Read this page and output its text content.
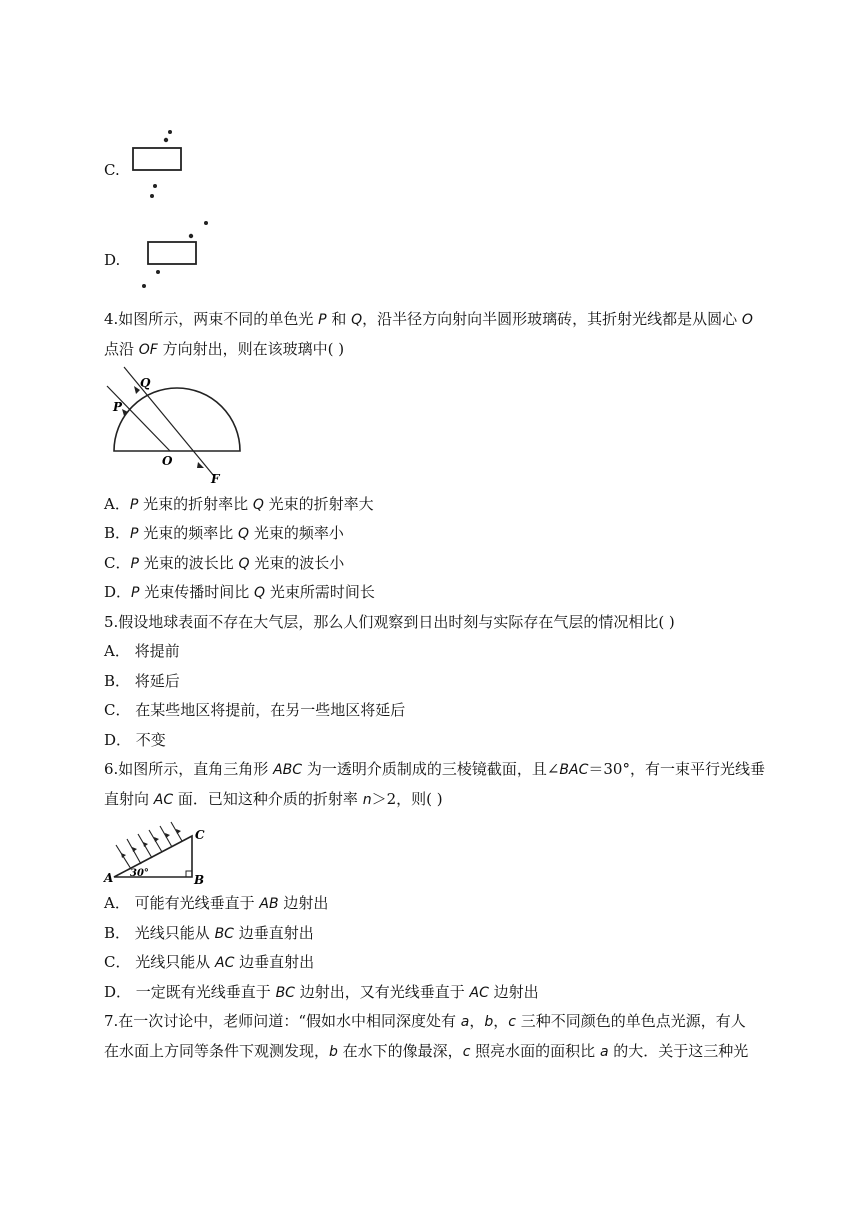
C.
D.
4.如图所示，两束不同的单色光 P 和 Q，沿半径方向射向半圆形玻璃砖，其折射光线都是从圆心 O
点沿 OF 方向射出，则在该玻璃中( )
Q
P
O
F
A．P 光束的折射率比 Q 光束的折射率大
B．P 光束的频率比 Q 光束的频率小
C．P 光束的波长比 Q 光束的波长小
D．P 光束传播时间比 Q 光束所需时间长
5.假设地球表面不存在大气层，那么人们观察到日出时刻与实际存在气层的情况相比( )
A． 将提前
B． 将延后
C． 在某些地区将提前，在另一些地区将延后
D． 不变
6.如图所示，直角三角形 ABC 为一透明介质制成的三棱镜截面，且∠BAC＝30°，有一束平行光线垂
直射向 AC 面．已知这种介质的折射率 n＞2，则( )
A	B
C
30°
A． 可能有光线垂直于 AB 边射出
B． 光线只能从 BC 边垂直射出
C． 光线只能从 AC 边垂直射出
D． 一定既有光线垂直于 BC 边射出，又有光线垂直于 AC 边射出
7.在一次讨论中，老师问道：“假如水中相同深度处有 a，b，c 三种不同颜色的单色点光源，有人
在水面上方同等条件下观测发现，b 在水下的像最深，c 照亮水面的面积比 a 的大．关于这三种光
